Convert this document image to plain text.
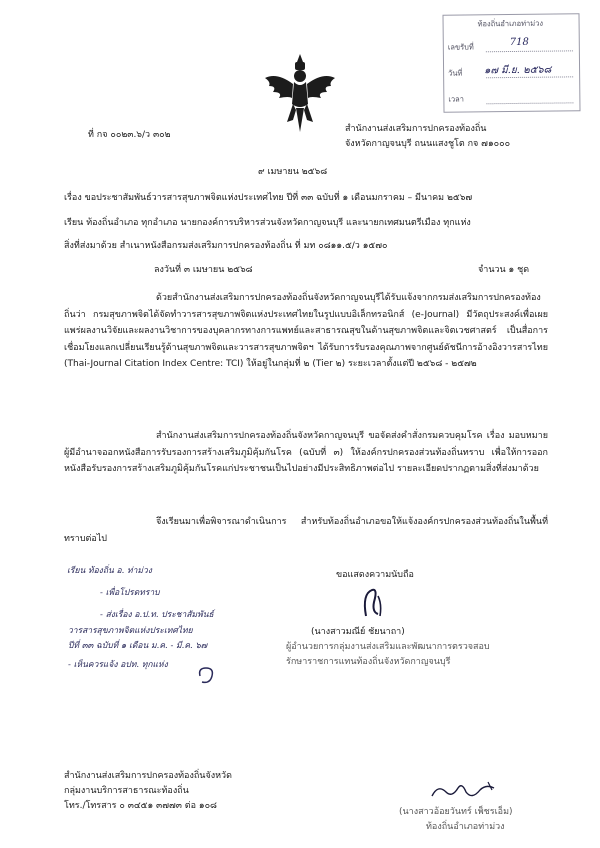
ท้องถิ่นอำเภอท่าม่วง
เลขรับที่	718
วันที่ ๑๗ มี.ย. ๒๕๖๘
เวลา
ที่ กจ ๐๐๒๓.๖/ว ๓๐๒
สำนักงานส่งเสริมการปกครองท้องถิ่น
จังหวัดกาญจนบุรี ถนนแสงชูโต กจ ๗๑๐๐๐
๙ เมษายน ๒๕๖๘
เรื่อง ขอประชาสัมพันธ์วารสารสุขภาพจิตแห่งประเทศไทย ปีที่ ๓๓ ฉบับที่ ๑ เดือนมกราคม – มีนาคม ๒๕๖๗
เรียน ท้องถิ่นอำเภอ ทุกอำเภอ นายกองค์การบริหารส่วนจังหวัดกาญจนบุรี และนายกเทศมนตรีเมือง ทุกแห่ง
สิ่งที่ส่งมาด้วย สำเนาหนังสือกรมส่งเสริมการปกครองท้องถิ่น ที่ มท ๐๘๑๑.๕/ว ๑๕๗๐
ลงวันที่ ๓ เมษายน ๒๕๖๘	จำนวน ๑ ชุด
ด้วยสำนักงานส่งเสริมการปกครองท้องถิ่นจังหวัดกาญจนบุรีได้รับแจ้งจากกรมส่งเสริมการปกครองท้องถิ่นว่า กรมสุขภาพจิตได้จัดทำวารสารสุขภาพจิตแห่งประเทศไทยในรูปแบบอิเล็กทรอนิกส์ (e-Journal) มีวัตถุประสงค์เพื่อเผยแพร่ผลงานวิจัยและผลงานวิชาการของบุคลากรทางการแพทย์และสาธารณสุขในด้านสุขภาพจิตและจิตเวชศาสตร์ เป็นสื่อการเชื่อมโยงแลกเปลี่ยนเรียนรู้ด้านสุขภาพจิตและวารสารสุขภาพจิตฯ ได้รับการรับรองคุณภาพจากศูนย์ดัชนีการอ้างอิงวารสารไทย (Thai-Journal Citation Index Centre: TCI) ให้อยู่ในกลุ่มที่ ๒ (Tier ๒) ระยะเวลาตั้งแต่ปี ๒๕๖๘ - ๒๕๗๒
สำนักงานส่งเสริมการปกครองท้องถิ่นจังหวัดกาญจนบุรี ขอจัดส่งคำสั่งกรมควบคุมโรค เรื่อง มอบหมายผู้มีอำนาจออกหนังสือการรับรองการสร้างเสริมภูมิคุ้มกันโรค (ฉบับที่ ๓) ให้องค์กรปกครองส่วนท้องถิ่นทราบ เพื่อให้การออกหนังสือรับรองการสร้างเสริมภูมิคุ้มกันโรคแก่ประชาชนเป็นไปอย่างมีประสิทธิภาพต่อไป รายละเอียดปรากฏตามสิ่งที่ส่งมาด้วย
จึงเรียนมาเพื่อพิจารณาดำเนินการ สำหรับท้องถิ่นอำเภอขอให้แจ้งองค์กรปกครองส่วนท้องถิ่นในพื้นที่ทราบต่อไป
ขอแสดงความนับถือ
(นางสาวมณีย์ ชัยนาถา)
ผู้อำนวยการกลุ่มงานส่งเสริมและพัฒนาการตรวจสอบ
รักษาราชการแทนท้องถิ่นจังหวัดกาญจนบุรี
เรียน ท้องถิ่น อ. ท่าม่วง
- เพื่อโปรดทราบ
- ส่งเรื่อง อ.ป.ท. ประชาสัมพันธ์
วารสารสุขภาพจิตแห่งประเทศไทย
ปีที่ ๓๓ ฉบับที่ ๑ เดือน ม.ค. - มี.ค. ๖๗
- เห็นควรแจ้ง อปท. ทุกแห่ง
สำนักงานส่งเสริมการปกครองท้องถิ่นจังหวัด
กลุ่มงานบริการสาธารณะท้องถิ่น
โทร./โทรสาร ๐ ๓๔๕๑ ๓๗๗๓ ต่อ ๑๐๘
(นางสาวอ้อยวันทร์ เพ็ชรเอ็ม)
ท้องถิ่นอำเภอท่าม่วง
